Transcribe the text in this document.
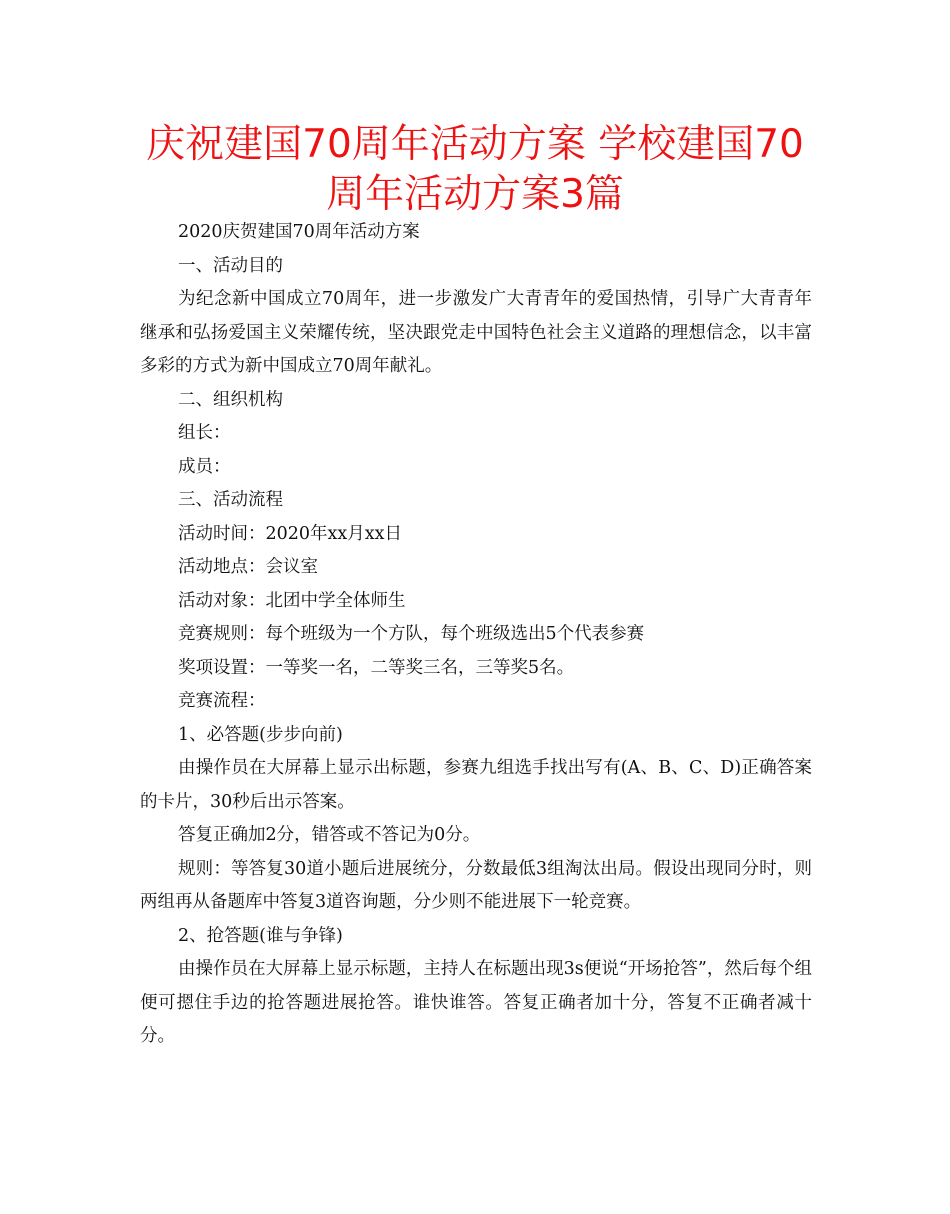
庆祝建国70周年活动方案 学校建国70周年活动方案3篇

2020庆贺建国70周年活动方案

一、活动目的

为纪念新中国成立70周年，进一步激发广大青青年的爱国热情，引导广大青青年继承和弘扬爱国主义荣耀传统，坚决跟党走中国特色社会主义道路的理想信念，以丰富多彩的方式为新中国成立70周年献礼。

二、组织机构

组长：

成员：

三、活动流程

活动时间：2020年xx月xx日

活动地点：会议室

活动对象：北团中学全体师生

竞赛规则：每个班级为一个方队，每个班级选出5个代表参赛

奖项设置：一等奖一名，二等奖三名，三等奖5名。

竞赛流程：

1、必答题(步步向前)

由操作员在大屏幕上显示出标题，参赛九组选手找出写有(A、B、C、D)正确答案的卡片，30秒后出示答案。

答复正确加2分，错答或不答记为0分。

规则：等答复30道小题后进展统分，分数最低3组淘汰出局。假设出现同分时，则两组再从备题库中答复3道咨询题，分少则不能进展下一轮竞赛。

2、抢答题(谁与争锋)

由操作员在大屏幕上显示标题，主持人在标题出现3s便说“开场抢答”，然后每个组便可摁住手边的抢答题进展抢答。谁快谁答。答复正确者加十分，答复不正确者减十分。
